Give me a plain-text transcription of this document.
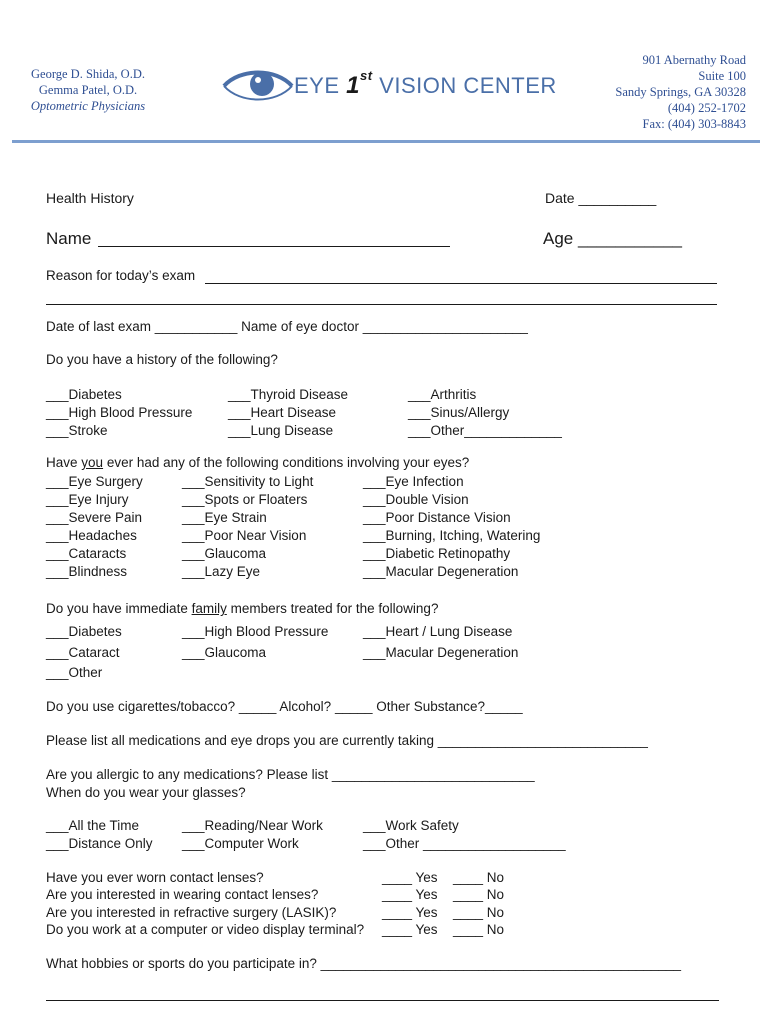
George D. Shida, O.D.
Gemma Patel, O.D.
Optometric Physicians
EYE 1st VISION CENTER
901 Abernathy Road
Suite 100
Sandy Springs, GA 30328
(404) 252-1702
Fax: (404) 303-8843
Health History	Date __________
Name	Age ___________
Reason for today’s exam
Date of last exam ___________ Name of eye doctor ______________________
Do you have a history of the following?
___Diabetes
___High Blood Pressure
___Stroke
___Thyroid Disease
___Heart Disease
___Lung Disease
___Arthritis
___Sinus/Allergy
___Other_____________
Have you ever had any of the following conditions involving your eyes?
___Eye Surgery
___Eye Injury
___Severe Pain
___Headaches
___Cataracts
___Blindness
___Sensitivity to Light
___Spots or Floaters
___Eye Strain
___Poor Near Vision
___Glaucoma
___Lazy Eye
___Eye Infection
___Double Vision
___Poor Distance Vision
___Burning, Itching, Watering
___Diabetic Retinopathy
___Macular Degeneration
Do you have immediate family members treated for the following?
___Diabetes
___Cataract
___Other
___High Blood Pressure
___Glaucoma
___Heart / Lung Disease
___Macular Degeneration
Do you use cigarettes/tobacco? _____ Alcohol? _____ Other Substance?_____
Please list all medications and eye drops you are currently taking ____________________________
Are you allergic to any medications? Please list ___________________________
When do you wear your glasses?
___All the Time
___Distance Only
___Reading/Near Work
___Computer Work
___Work Safety
___Other ___________________
Have you ever worn contact lenses?
Are you interested in wearing contact lenses?
Are you interested in refractive surgery (LASIK)?
Do you work at a computer or video display terminal?
____ Yes
____ Yes
____ Yes
____ Yes
____ No
____ No
____ No
____ No
What hobbies or sports do you participate in? ________________________________________________
